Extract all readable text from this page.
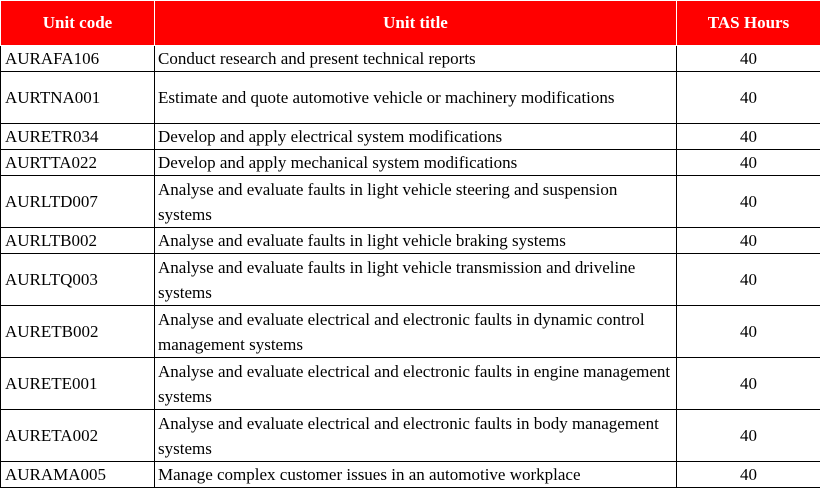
Unit code	Unit title	TAS Hours
AURAFA106	Conduct research and present technical reports	40
AURTNA001	Estimate and quote automotive vehicle or machinery modifications	40
AURETR034	Develop and apply electrical system modifications	40
AURTTA022	Develop and apply mechanical system modifications	40
AURLTD007	Analyse and evaluate faults in light vehicle steering and suspension systems	40
AURLTB002	Analyse and evaluate faults in light vehicle braking systems	40
AURLTQ003	Analyse and evaluate faults in light vehicle transmission and driveline systems	40
AURETB002	Analyse and evaluate electrical and electronic faults in dynamic control management systems	40
AURETE001	Analyse and evaluate electrical and electronic faults in engine management systems	40
AURETA002	Analyse and evaluate electrical and electronic faults in body management systems	40
AURAMA005	Manage complex customer issues in an automotive workplace	40
